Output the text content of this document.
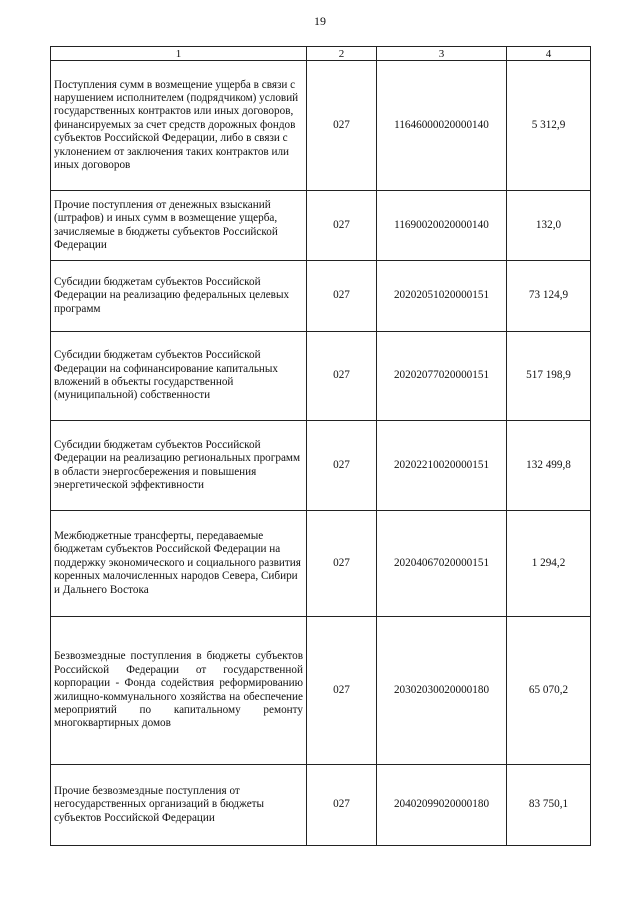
19
1	2	3	4
Поступления сумм в возмещение ущерба в связи с нарушением исполнителем (подрядчиком) условий государственных контрактов или иных договоров, финансируемых за счет средств дорожных фондов субъектов Российской Федерации, либо в связи с уклонением от заключения таких контрактов или иных договоров	027	11646000020000140	5 312,9
Прочие поступления от денежных взысканий (штрафов) и иных сумм в возмещение ущерба, зачисляемые в бюджеты субъектов Российской Федерации	027	11690020020000140	132,0
Субсидии бюджетам субъектов Российской Федерации на реализацию федеральных целевых программ	027	20202051020000151	73 124,9
Субсидии бюджетам субъектов Российской Федерации на софинансирование капитальных вложений в объекты государственной (муниципальной) собственности	027	20202077020000151	517 198,9
Субсидии бюджетам субъектов Российской Федерации на реализацию региональных программ в области энергосбережения и повышения энергетической эффективности	027	20202210020000151	132 499,8
Межбюджетные трансферты, передаваемые бюджетам субъектов Российской Федерации на поддержку экономического и социального развития коренных малочисленных народов Севера, Сибири и Дальнего Востока	027	20204067020000151	1 294,2
Безвозмездные поступления в бюджеты субъектов Российской Федерации от государственной корпорации - Фонда содействия реформированию жилищно-коммунального хозяйства на обеспечение мероприятий по капитальному ремонту многоквартирных домов	027	20302030020000180	65 070,2
Прочие безвозмездные поступления от негосударственных организаций в бюджеты субъектов Российской Федерации	027	20402099020000180	83 750,1
